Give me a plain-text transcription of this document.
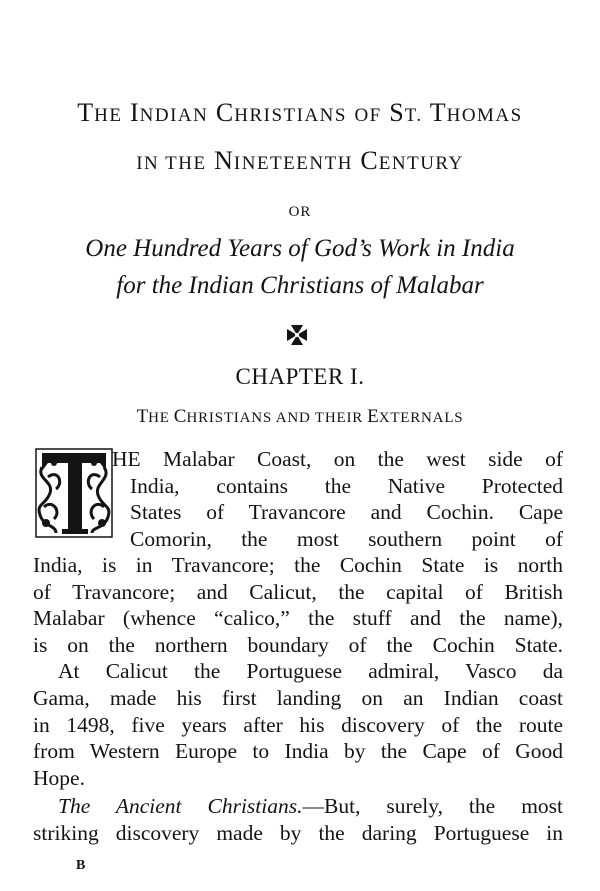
THE INDIAN CHRISTIANS OF ST. THOMAS
IN THE NINETEENTH CENTURY
OR
One Hundred Years of God’s Work in India
for the Indian Christians of Malabar
CHAPTER I.
THE CHRISTIANS AND THEIR EXTERNALS
T	HE Malabar Coast, on the west side of
India, contains the Native Protected
States of Travancore and Cochin. Cape
Comorin, the most southern point of
India, is in Travancore; the Cochin State is north
of Travancore; and Calicut, the capital of British
Malabar (whence “calico,” the stuff and the name),
is on the northern boundary of the Cochin State.
At Calicut the Portuguese admiral, Vasco da
Gama, made his first landing on an Indian coast
in 1498, five years after his discovery of the route
from Western Europe to India by the Cape of Good
Hope.
The Ancient Christians.—But, surely, the most
striking discovery made by the daring Portuguese in
B
